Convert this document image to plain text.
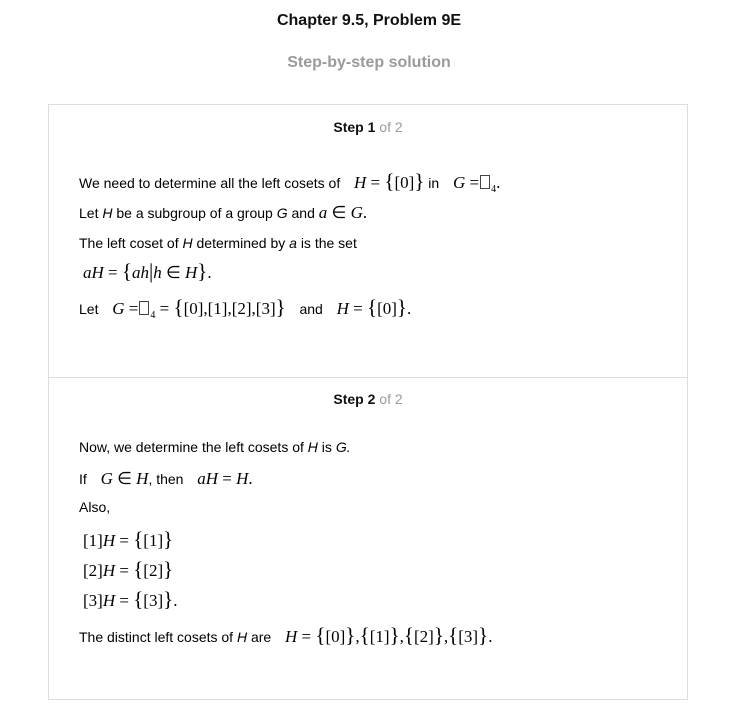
Chapter 9.5, Problem 9E
Step-by-step solution
Step 1 of 2
We need to determine all the left cosets of H = {[0]} in G = $_4$.
Let H be a subgroup of a group G and a ∈ G.
The left coset of H determined by a is the set
aH = {ah|h ∈ H}.
Let G = $_4$ = {[0],[1],[2],[3]} and H = {[0]}.
Step 2 of 2
Now, we determine the left cosets of H is G.
If G ∈ H, then aH = H.
Also,
[1]H = {[1]}
[2]H = {[2]}
[3]H = {[3]}.
The distinct left cosets of H are H = {[0]},{[1]},{[2]},{[3]}.
